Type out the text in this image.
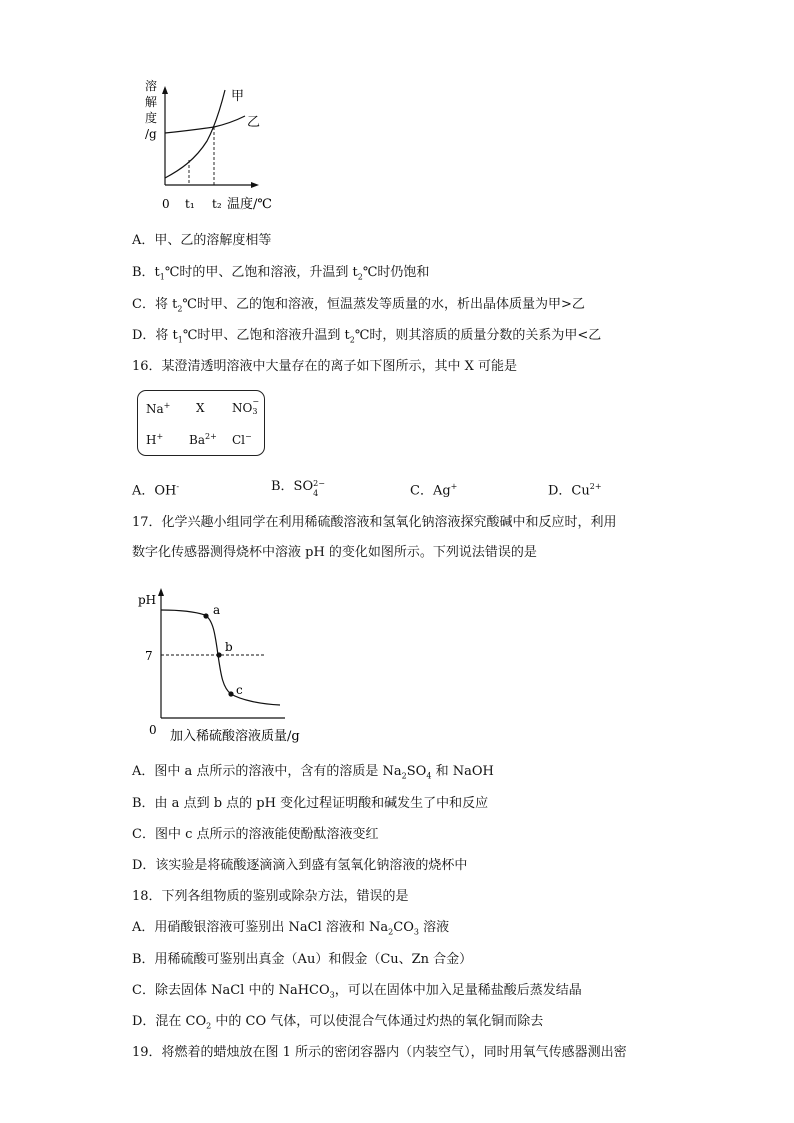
溶
解
度
/g
甲
乙
0 t₁ t₂ 温度/℃
A．甲、乙的溶解度相等
B．$t_1℃$时的甲、乙饱和溶液，升温到 $t_2℃$时仍饱和
C．将 $t_2℃$时甲、乙的饱和溶液，恒温蒸发等质量的水，析出晶体质量为甲>乙
D．将 $t_1℃$时甲、乙饱和溶液升温到 $t_2℃$时，则其溶质的质量分数的关系为甲<乙
16．某澄清透明溶液中大量存在的离子如下图所示，其中 X 可能是
Na+ X NO −
3
H+ $Ba^{2+}$ Cl−
A．OH-	B．SO 2−
4	C．Ag+	D．$Cu^{2+}$
17．化学兴趣小组同学在利用稀硫酸溶液和氢氧化钠溶液探究酸碱中和反应时，利用
数字化传感器测得烧杯中溶液 pH 的变化如图所示。下列说法错误的是
pH
7
a
b
c
0 加入稀硫酸溶液质量/g
A．图中 a 点所示的溶液中，含有的溶质是 $Na_2SO_4$ 和 NaOH
B．由 a 点到 b 点的 pH 变化过程证明酸和碱发生了中和反应
C．图中 c 点所示的溶液能使酚酞溶液变红
D．该实验是将硫酸逐滴滴入到盛有氢氧化钠溶液的烧杯中
18．下列各组物质的鉴别或除杂方法，错误的是
A．用硝酸银溶液可鉴别出 NaCl 溶液和 $Na_2CO_3$ 溶液
B．用稀硫酸可鉴别出真金（Au）和假金（Cu、Zn 合金）
C．除去固体 NaCl 中的 NaHCO$_3$，可以在固体中加入足量稀盐酸后蒸发结晶
D．混在 $CO_2$ 中的 CO 气体，可以使混合气体通过灼热的氧化铜而除去
19．将燃着的蜡烛放在图 1 所示的密闭容器内（内装空气），同时用氧气传感器测出密
